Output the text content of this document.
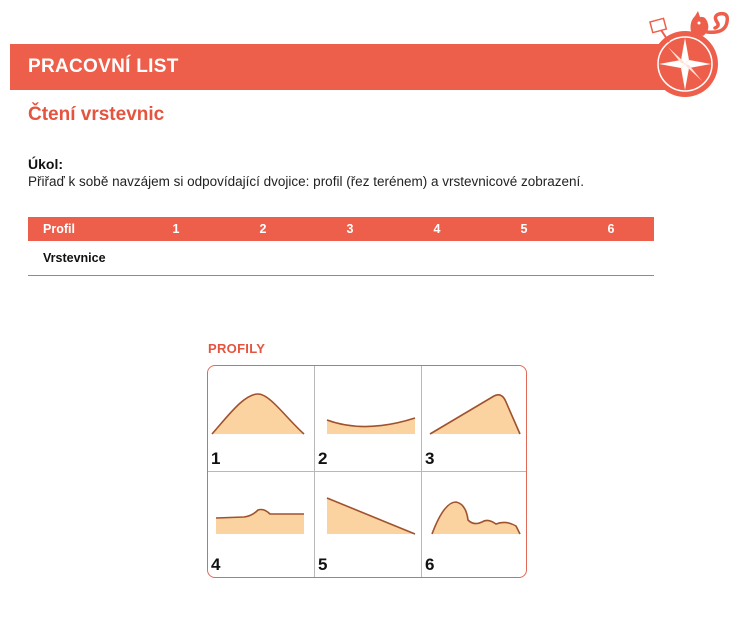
PRACOVNÍ LIST
Čtení vrstevnic
Úkol:
Přiřaď k sobě navzájem si odpovídající dvojice: profil (řez terénem) a vrstevnicové zobrazení.
Profil	1	2	3	4	5	6
Vrstevnice
PROFILY
1	2	3
4	5	6
